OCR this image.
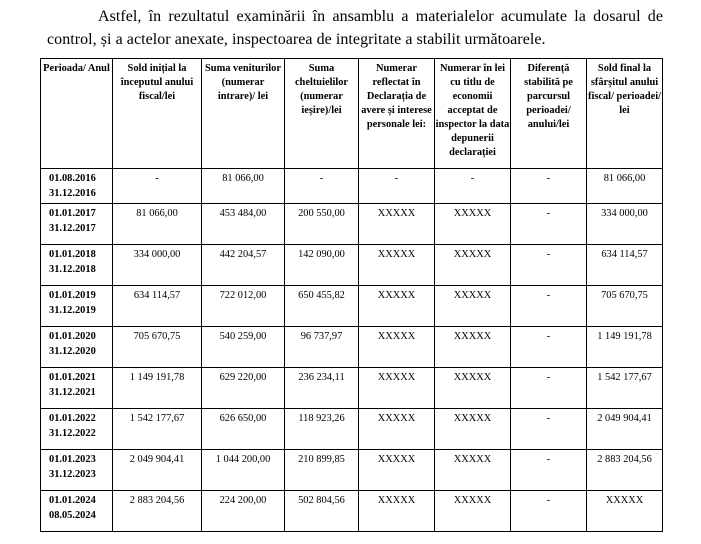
Astfel, în rezultatul examinării în ansamblu a materialelor acumulate la dosarul de control, și a actelor anexate, inspectoarea de integritate a stabilit următoarele.
Perioada/ Anul	Sold inițial la începutul anului fiscal/lei	Suma veniturilor (numerar intrare)/ lei	Suma cheltuielilor (numerar ieșire)/lei	Numerar reflectat în Declarația de avere și interese personale lei:	Numerar în lei cu titlu de economii acceptat de inspector la data depunerii declarației	Diferență stabilită pe parcursul perioadei/ anului/lei	Sold final la sfârșitul anului fiscal/ perioadei/ lei

01.08.2016
31.12.2016	-	81 066,00	-	-	-	-	81 066,00

01.01.2017
31.12.2017	81 066,00	453 484,00	200 550,00	XXXXX	XXXXX	-	334 000,00

01.01.2018
31.12.2018	334 000,00	442 204,57	142 090,00	XXXXX	XXXXX	-	634 114,57

01.01.2019
31.12.2019	634 114,57	722 012,00	650 455,82	XXXXX	XXXXX	-	705 670,75

01.01.2020
31.12.2020	705 670,75	540 259,00	96 737,97	XXXXX	XXXXX	-	1 149 191,78

01.01.2021
31.12.2021	1 149 191,78	629 220,00	236 234,11	XXXXX	XXXXX	-	1 542 177,67

01.01.2022
31.12.2022	1 542 177,67	626 650,00	118 923,26	XXXXX	XXXXX	-	2 049 904,41

01.01.2023
31.12.2023	2 049 904,41	1 044 200,00	210 899,85	XXXXX	XXXXX	-	2 883 204,56

01.01.2024
08.05.2024	2 883 204,56	224 200,00	502 804,56	XXXXX	XXXXX	-	XXXXX
